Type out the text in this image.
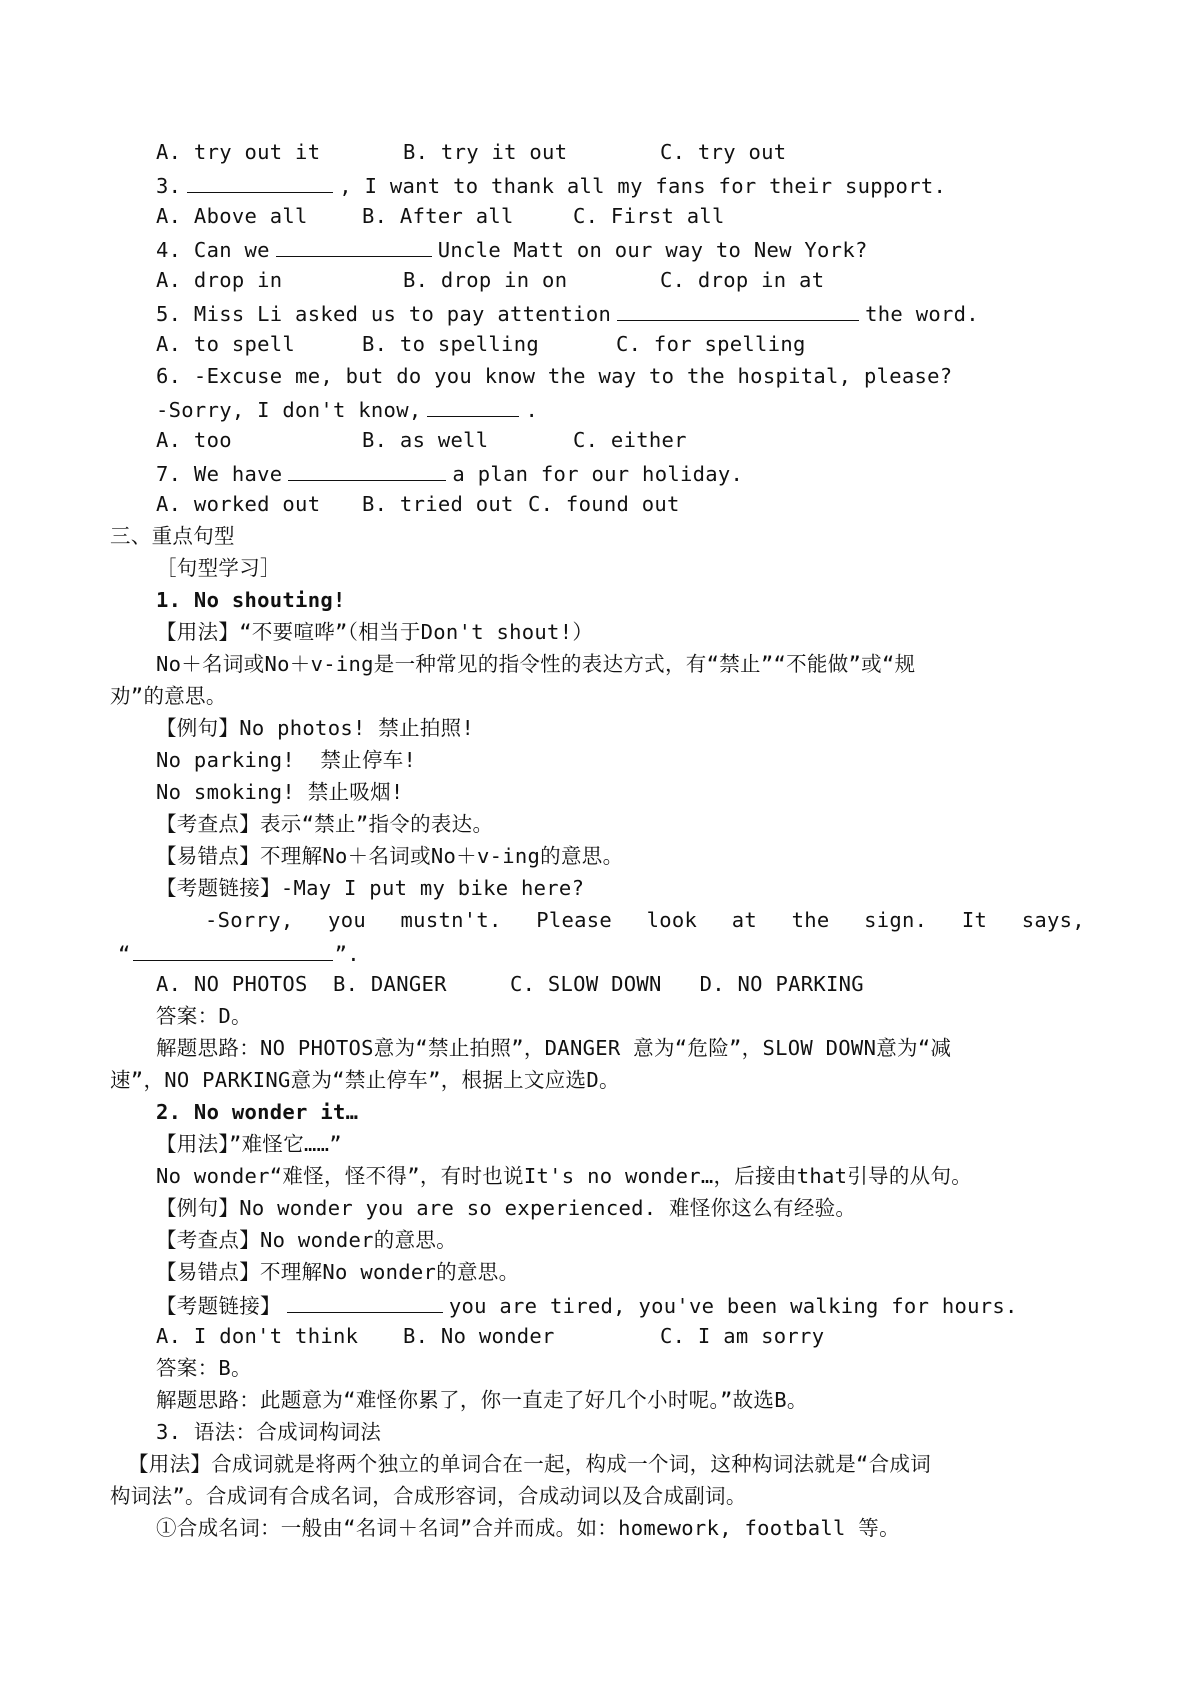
A. try out it	B. try it out	C. try out
3.	, I want to thank all my fans for their support.
A. Above all	B. After all	C. First all
4. Can we	Uncle Matt on our way to New York?
A. drop in	B. drop in on	C. drop in at
5. Miss Li asked us to pay attention	the word.
A. to spell	B. to spelling	C. for spelling
6. -Excuse me, but do you know the way to the hospital, please?
-Sorry, I don't know,	.
A. too	B. as well	C. either
7. We have	a plan for our holiday.
A. worked out B. tried out C. found out
三、重点句型
［句型学习］
1. No shouting!
【用法】“不要喧哗”（相当于Don't shout!）
No＋名词或No＋v-ing是一种常见的指令性的表达方式，有“禁止”“不能做”或“规
劝”的意思。
【例句】No photos! 禁止拍照!
No parking!  禁止停车!
No smoking! 禁止吸烟!
【考查点】表示“禁止”指令的表达。
【易错点】不理解No＋名词或No＋v-ing的意思。
【考题链接】-May I put my bike here?
-Sorry, you mustn't. Please look at the sign. It says,
“	”.
A. NO PHOTOS  B. DANGER     C. SLOW DOWN   D. NO PARKING
答案：D。
解题思路：NO PHOTOS意为“禁止拍照”，DANGER 意为“危险”，SLOW DOWN意为“减
速”，NO PARKING意为“禁止停车”，根据上文应选D。
2. No wonder it…
【用法】”难怪它……”
No wonder“难怪，怪不得”，有时也说It's no wonder…，后接由that引导的从句。
【例句】No wonder you are so experienced. 难怪你这么有经验。
【考查点】No wonder的意思。
【易错点】不理解No wonder的意思。
【考题链接】	you are tired, you've been walking for hours.
A. I don't think B. No wonder	C. I am sorry
答案：B。
解题思路：此题意为“难怪你累了，你一直走了好几个小时呢。”故选B。
3. 语法：合成词构词法
【用法】合成词就是将两个独立的单词合在一起，构成一个词，这种构词法就是“合成词
构词法”。合成词有合成名词，合成形容词，合成动词以及合成副词。
①合成名词：一般由“名词＋名词”合并而成。如：homework, football 等。
